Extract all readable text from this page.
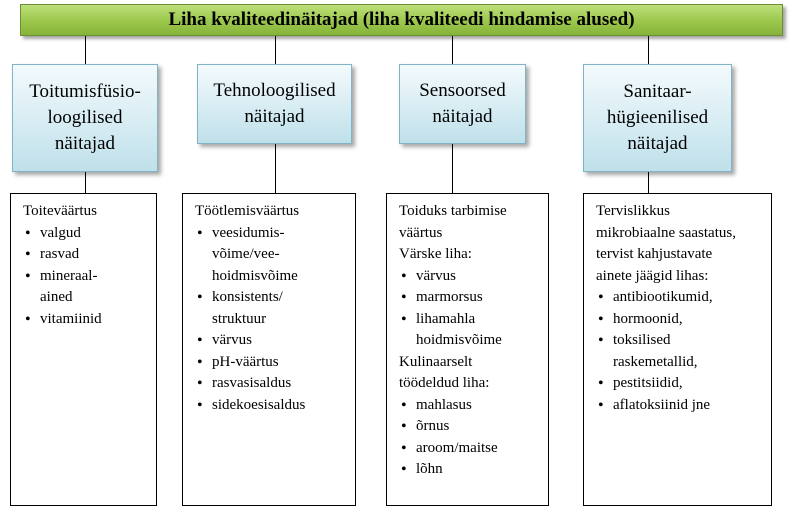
Liha kvaliteedinäitajad (liha kvaliteedi hindamise alused)
Toitumisfüsio-
loogilised
näitajad
Tehnoloogilised
näitajad
Sensoorsed
näitajad
Sanitaar-
hügieenilised
näitajad

Toiteväärtus

• valgud
• rasvad
• mineraal-
ained
• vitamiinid

Töötlemisväärtus

• veesidumis-
võime/vee-
hoidmisvõime
• konsistents/
struktuur
• värvus
• pH-väärtus
• rasvasisaldus
• sidekoesisaldus

Toiduks tarbimise
väärtus
Värske liha:

• värvus
• marmorsus
• lihamahla
hoidmisvõime

Kulinaarselt
töödeldud liha:

• mahlasus
• õrnus
• aroom/maitse
• lõhn

Tervislikkus
mikrobiaalne saastatus,
tervist kahjustavate
ainete jäägid lihas:

• antibiootikumid,
• hormoonid,
• toksilised
raskemetallid,
• pestitsiidid,
• aflatoksiinid jne
